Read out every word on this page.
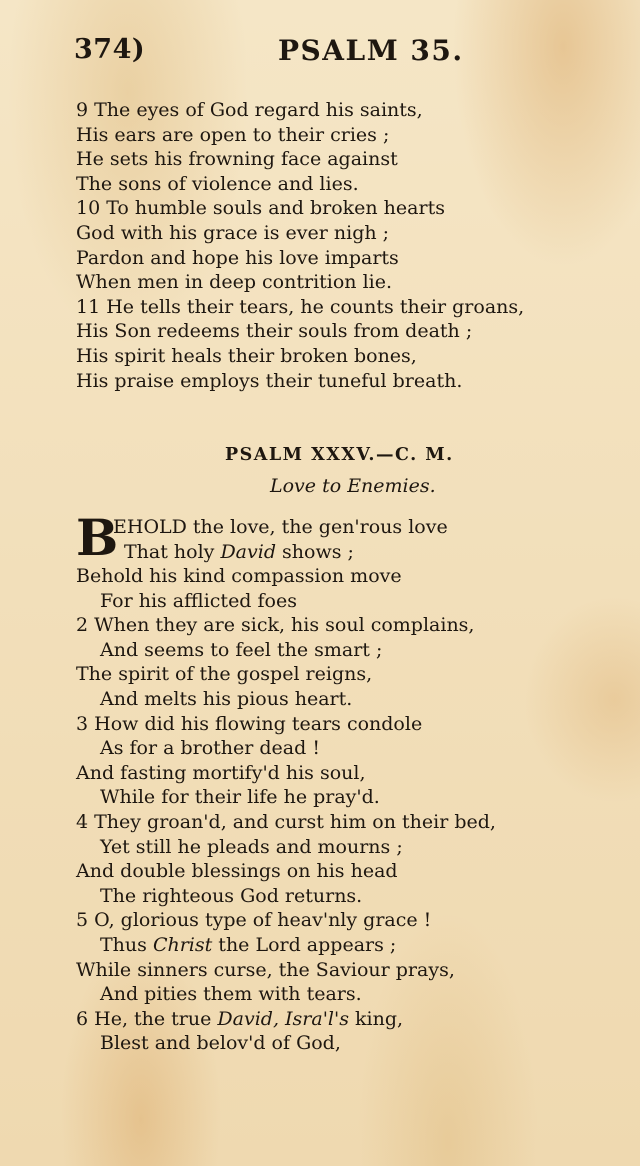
374)	PSALM 35.
9 The eyes of God regard his saints,
His ears are open to their cries ;
He sets his frowning face against
The sons of violence and lies.
10 To humble souls and broken hearts
God with his grace is ever nigh ;
Pardon and hope his love imparts
When men in deep contrition lie.
11 He tells their tears, he counts their groans,
His Son redeems their souls from death ;
His spirit heals their broken bones,
His praise employs their tuneful breath.
PSALM XXXV.—C. M.
Love to Enemies.
B
EHOLD the love, the gen'rous love
That holy David shows ;
Behold his kind compassion move
For his afflicted foes
2 When they are sick, his soul complains,
And seems to feel the smart ;
The spirit of the gospel reigns,
And melts his pious heart.
3 How did his flowing tears condole
As for a brother dead !
And fasting mortify'd his soul,
While for their life he pray'd.
4 They groan'd, and curst him on their bed,
Yet still he pleads and mourns ;
And double blessings on his head
The righteous God returns.
5 O, glorious type of heav'nly grace !
Thus Christ the Lord appears ;
While sinners curse, the Saviour prays,
And pities them with tears.
6 He, the true David, Isra'l's king,
Blest and belov'd of God,
